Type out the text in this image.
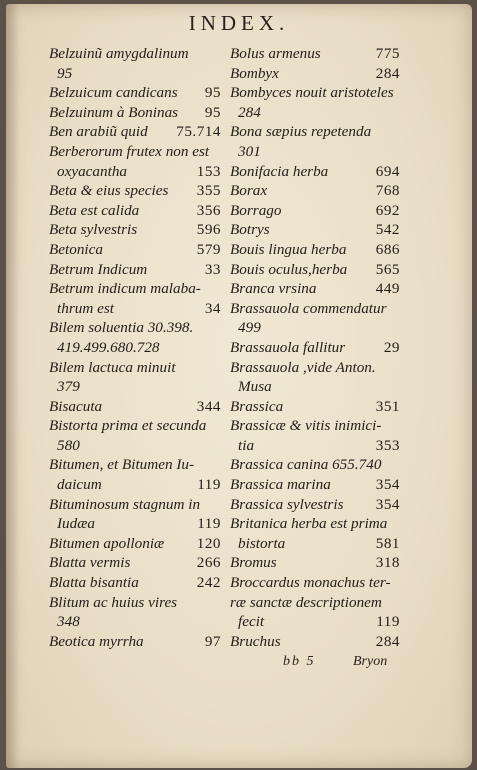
INDEX.
Belzuinũ amygdalinum
95
Belzuicum candicans 95
Belzuinum à Boninas 95
Ben arabiũ quid 75.714
Berberorum frutex non est
oxyacantha	153
Beta & eius species 355
Beta est calida	356
Beta sylvestris	596
Betonica	579
Betrum Indicum	33
Betrum indicum malaba-
thrum est	34
Bilem soluentia 30.398.
419.499.680.728
Bilem lactuca minuit
379
Bisacuta	344
Bistorta prima et secunda
580
Bitumen, et Bitumen Iu-
daicum	119
Bituminosum stagnum in
Iudæa	119
Bitumen apolloniæ 120
Blatta vermis	266
Blatta bisantia	242
Blitum ac huius vires
348
Beotica myrrha	97
Bolus armenus	775
Bombyx	284
Bombyces nouit aristoteles
284
Bona sæpius repetenda
301
Bonifacia herba	694
Borax	768
Borrago	692
Botrys	542
Bouis lingua herba 686
Bouis oculus,herba 565
Branca vrsina	449
Brassauola commendatur
499
Brassauola fallitur	29
Brassauola ,vide Anton.
Musa
Brassica	351
Brassicæ & vitis inimici-
tia	353
Brassica canina 655.740
Brassica marina	354
Brassica sylvestris 354
Britanica herba est prima
bistorta	581
Bromus	318
Broccardus monachus ter-
ræ sanctæ descriptionem
fecit	119
Bruchus	284
bb 5	Bryon
